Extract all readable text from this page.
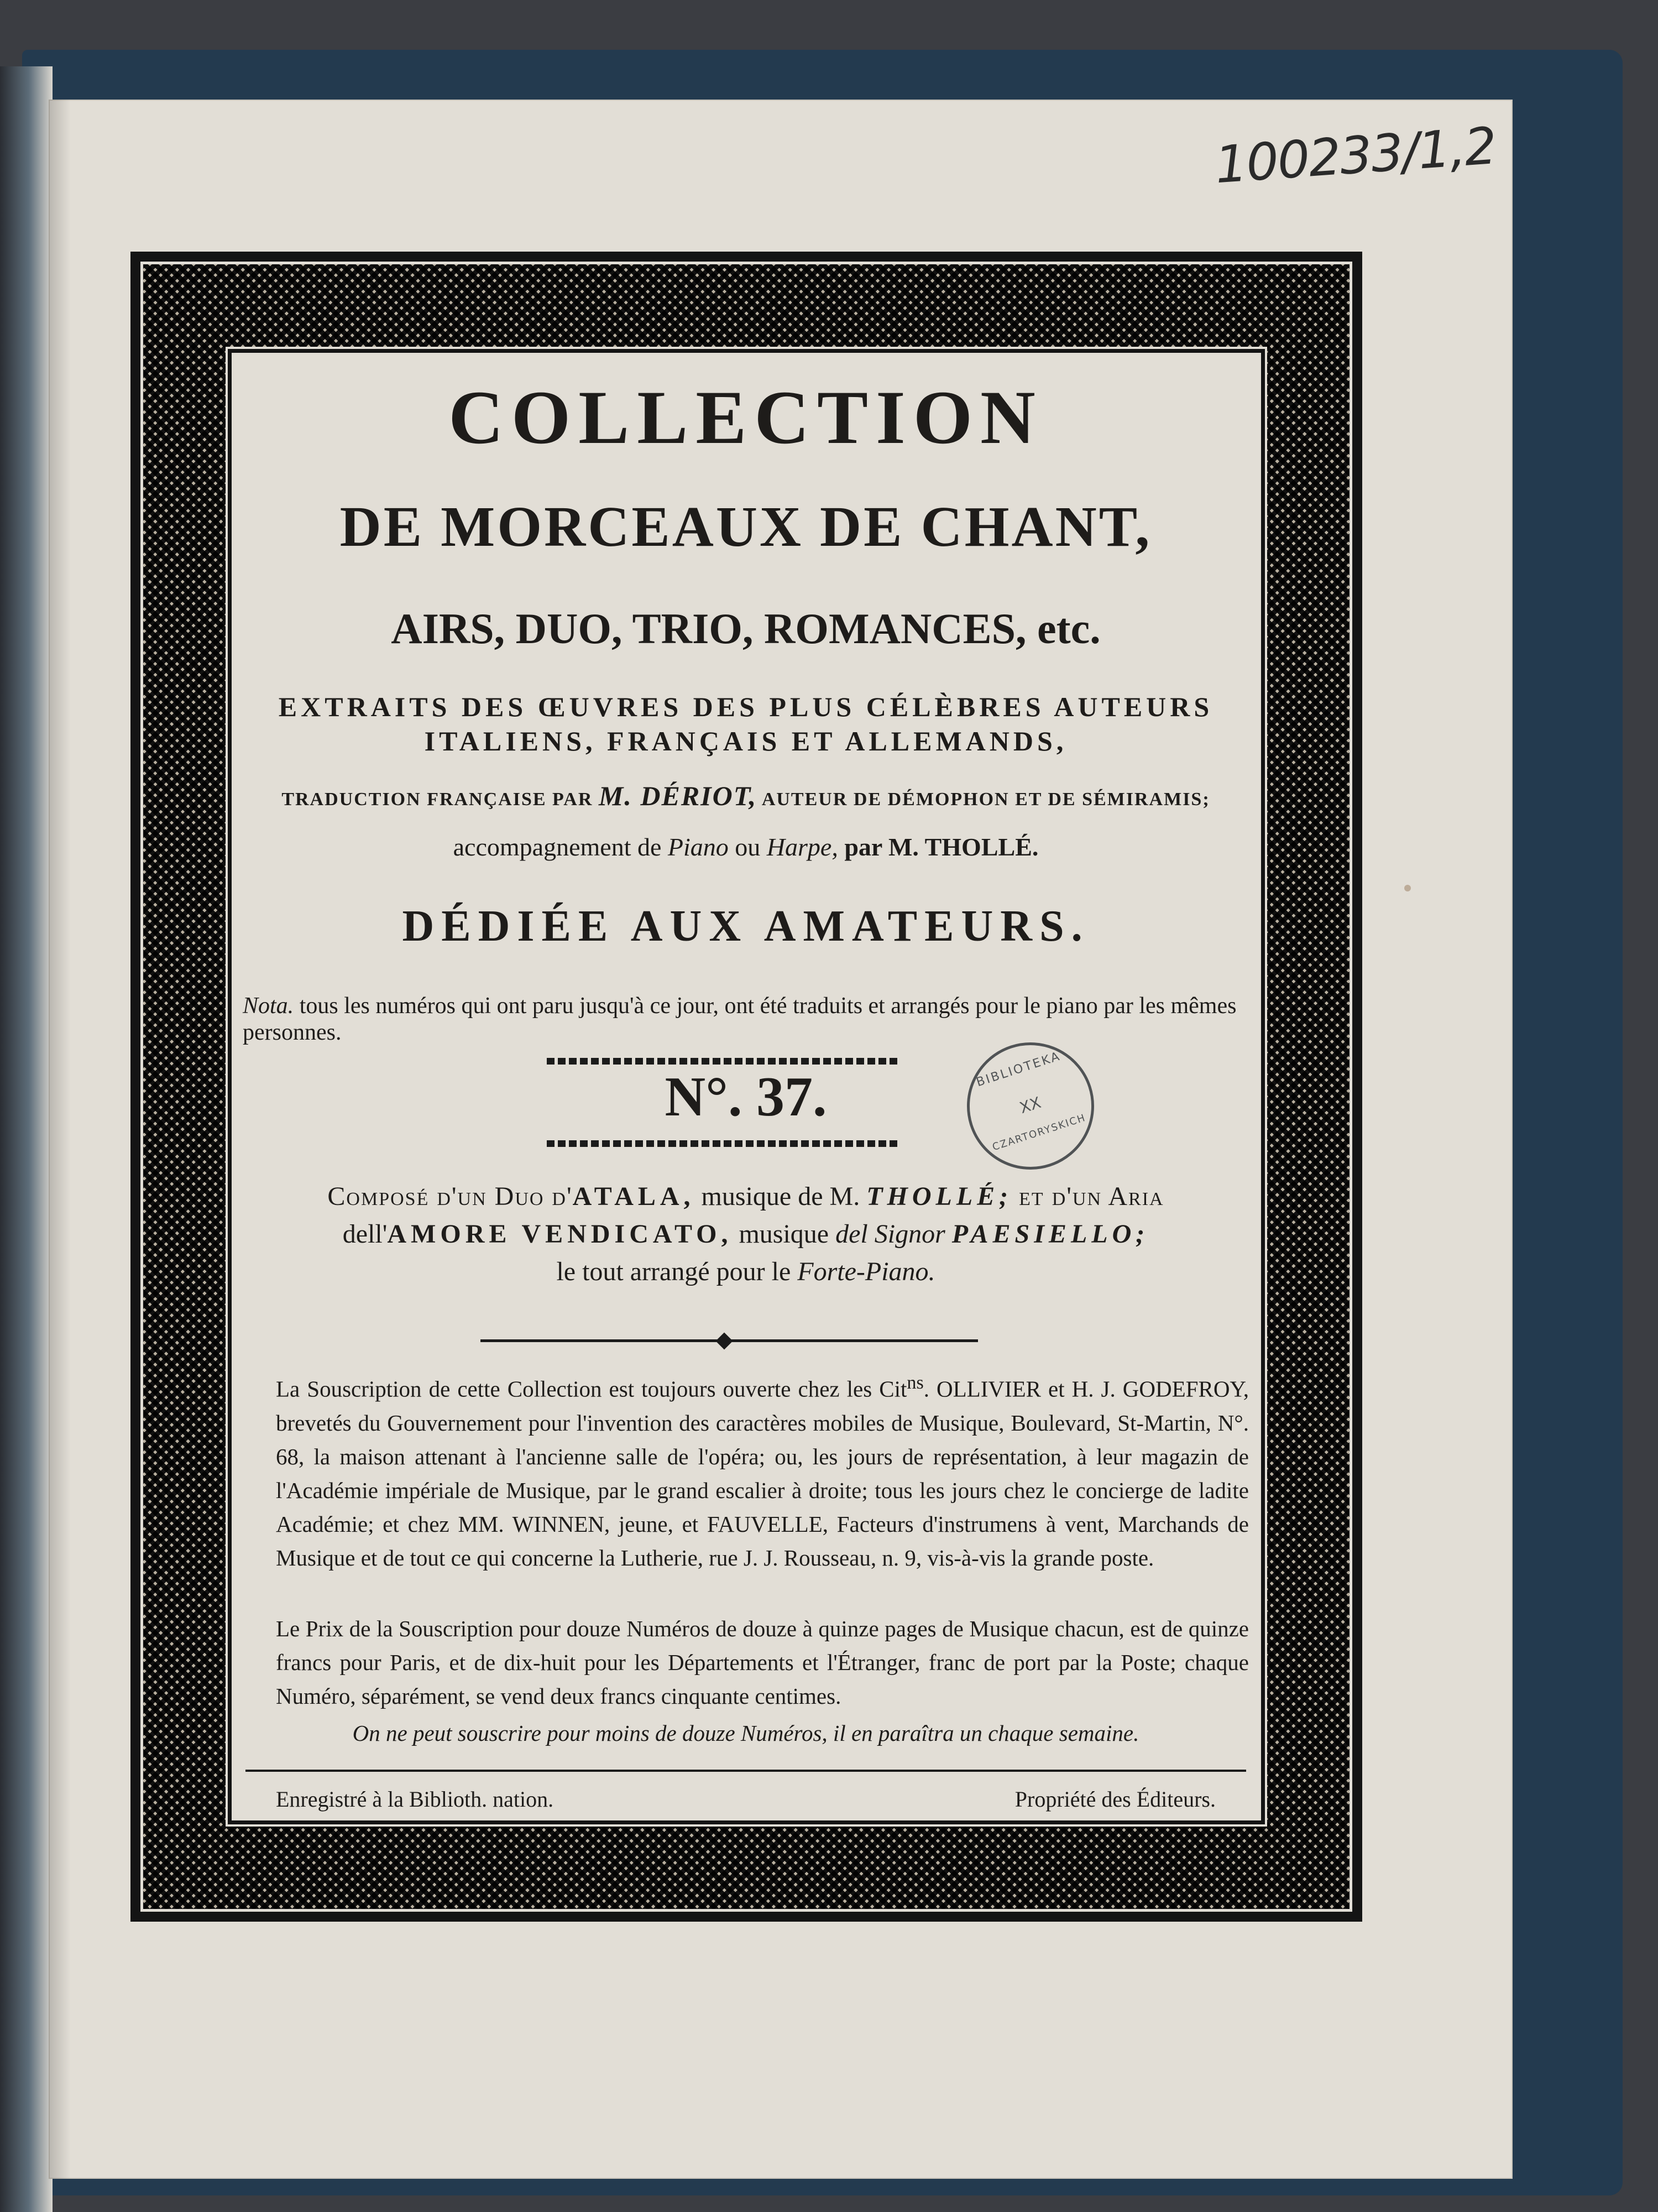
100233/1,2
COLLECTION
DE MORCEAUX DE CHANT,
AIRS, DUO, TRIO, ROMANCES, etc.
EXTRAITS DES ŒUVRES DES PLUS CÉLÈBRES AUTEURS
ITALIENS, FRANÇAIS ET ALLEMANDS,
TRADUCTION FRANÇAISE PAR M. DÉRIOT, AUTEUR DE DÉMOPHON ET DE SÉMIRAMIS;
accompagnement de Piano ou Harpe, par M. THOLLÉ.
DÉDIÉE AUX AMATEURS.
Nota. tous les numéros qui ont paru jusqu'à ce jour, ont été traduits et arrangés pour le piano par les mêmes personnes.
N°. 37.	BIBLIOTEKA
XX
CZARTORYSKICH
Composé d'un Duo d'ATALA, musique de M. THOLLÉ; et d'un Aria
dell'AMORE VENDICATO, musique del Signor PAESIELLO;
le tout arrangé pour le Forte-Piano.
La Souscription de cette Collection est toujours ouverte chez les Cit$^{ns}$. OLLIVIER et H. J. GODEFROY, brevetés du Gouvernement pour l'invention des caractères mobiles de Musique, Boulevard, St-Martin, N°. 68, la maison attenant à l'ancienne salle de l'opéra; ou, les jours de représentation, à leur magazin de l'Académie impériale de Musique, par le grand escalier à droite; tous les jours chez le concierge de ladite Académie; et chez MM. WINNEN, jeune, et FAUVELLE, Facteurs d'instrumens à vent, Marchands de Musique et de tout ce qui concerne la Lutherie, rue J. J. Rousseau, n. 9, vis-à-vis la grande poste.
Le Prix de la Souscription pour douze Numéros de douze à quinze pages de Musique chacun, est de quinze francs pour Paris, et de dix-huit pour les Départements et l'Étranger, franc de port par la Poste; chaque Numéro, séparément, se vend deux francs cinquante centimes.
On ne peut souscrire pour moins de douze Numéros, il en paraîtra un chaque semaine.
Enregistré à la Biblioth. nation.	Propriété des Éditeurs.
